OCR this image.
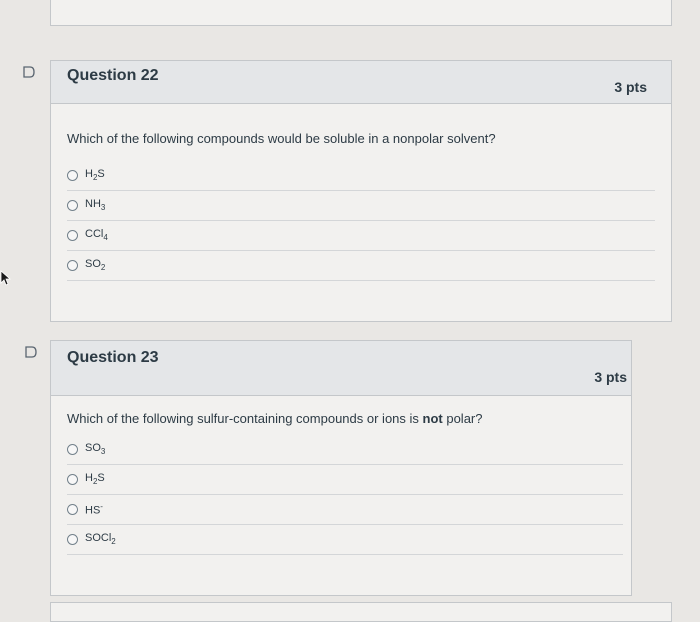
Question 22
3 pts
Which of the following compounds would be soluble in a nonpolar solvent?
$H_2S$
$NH_3$
CCl$_4$
$SO_2$
Question 23
3 pts
Which of the following sulfur-containing compounds or ions is not polar?
$SO_3$
$H_2S$
HS-
SOCl$_2$
